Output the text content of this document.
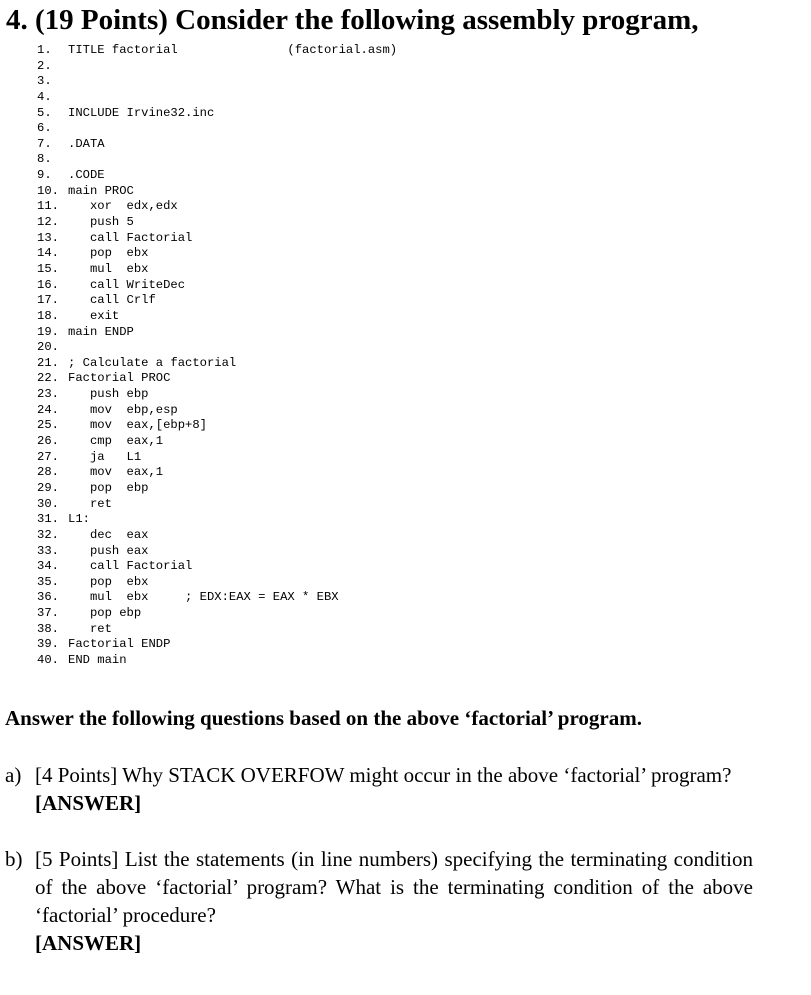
4. (19 Points) Consider the following assembly program,
1. TITLE factorial               (factorial.asm)
2.
3.
4.
5. INCLUDE Irvine32.inc
6.
7. .DATA
8.
9. .CODE
10. main PROC
11.   xor  edx,edx
12.   push 5
13.   call Factorial
14.   pop  ebx
15.   mul  ebx
16.   call WriteDec
17.   call Crlf
18.   exit
19. main ENDP
20.
21. ; Calculate a factorial
22. Factorial PROC
23.   push ebp
24.   mov  ebp,esp
25.   mov  eax,[ebp+8]
26.   cmp  eax,1
27.   ja   L1
28.   mov  eax,1
29.   pop  ebp
30.   ret
31. L1:
32.   dec  eax
33.   push eax
34.   call Factorial
35.   pop  ebx
36.   mul  ebx     ; EDX:EAX = EAX * EBX
37.   pop ebp
38.   ret
39. Factorial ENDP
40. END main
Answer the following questions based on the above ‘factorial’ program.
a) [4 Points] Why STACK OVERFOW might occur in the above ‘factorial’ program?
[ANSWER]
b) [5 Points] List the statements (in line numbers) specifying the terminating condition of the above ‘factorial’ program? What is the terminating condition of the above ‘factorial’ procedure?
[ANSWER]
